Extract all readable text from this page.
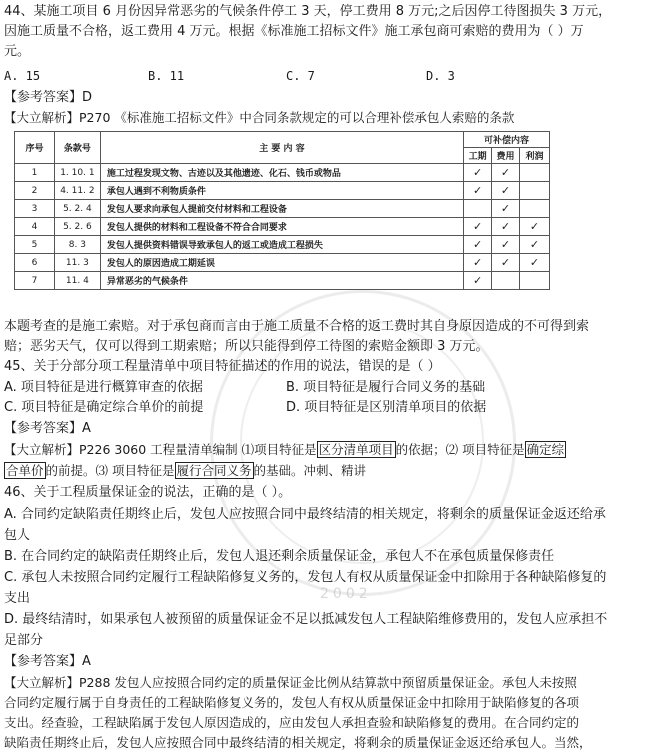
2002
44、某施工项目 6 月份因异常恶劣的气候条件停工 3 天，停工费用 8 万元;之后因停工待图损失 3 万元，
因施工质量不合格，返工费用 4 万元。根据《标准施工招标文件》施工承包商可索赔的费用为（ ）万
元。
A. 15	B. 11	C. 7	D. 3
【参考答案】D
【大立解析】P270 《标准施工招标文件》中合同条款规定的可以合理补偿承包人索赔的条款
序号	条款号	主 要 内 容	可补偿内容		
			工期	费用	利润
1	1. 10. 1	施工过程发现文物、古迹以及其他遗迹、化石、钱币或物品	✓	✓	
2	4. 11. 2	承包人遇到不利物质条件	✓	✓	
3	5. 2. 4	发包人要求向承包人提前交付材料和工程设备		✓	
4	5. 2. 6	发包人提供的材料和工程设备不符合合同要求	✓	✓	✓
5	8. 3	发包人提供资料错误导致承包人的返工或造成工程损失	✓	✓	✓
6	11. 3	发包人的原因造成工期延误	✓	✓	✓
7	11. 4	异常恶劣的气候条件	✓		
本题考查的是施工索赔。对于承包商而言由于施工质量不合格的返工费时其自身原因造成的不可得到索
赔；恶劣天气，仅可以得到工期索赔；所以只能得到停工待图的索赔金额即 3 万元。
45、关于分部分项工程量清单中项目特征描述的作用的说法，错误的是（ ）
A. 项目特征是进行概算审查的依据	B. 项目特征是履行合同义务的基础
C. 项目特征是确定综合单价的前提	D. 项目特征是区别清单项目的依据
【参考答案】A
【大立解析】P226 3060 工程量清单编制 ⑴项目特征是 区分清单项目 的依据；⑵ 项目特征是 确定综
合单价 的前提。⑶ 项目特征是 履行合同义务 的基础。冲刺、精讲
46、关于工程质量保证金的说法，正确的是（ ）。
A. 合同约定缺陷责任期终止后，发包人应按照合同中最终结清的相关规定，将剩余的质量保证金返还给承
包人
B. 在合同约定的缺陷责任期终止后，发包人退还剩余质量保证金，承包人不在承包质量保修责任
C. 承包人未按照合同约定履行工程缺陷修复义务的，发包人有权从质量保证金中扣除用于各种缺陷修复的
支出
D. 最终结清时，如果承包人被预留的质量保证金不足以抵减发包人工程缺陷维修费用的，发包人应承担不
足部分
【参考答案】A
【大立解析】P288 发包人应按照合同约定的质量保证金比例从结算款中预留质量保证金。承包人未按照
合同约定履行属于自身责任的工程缺陷修复义务的，发包人有权从质量保证金中扣除用于缺陷修复的各项
支出。经查验，工程缺陷属于发包人原因造成的，应由发包人承担查验和缺陷修复的费用。在合同约定的
缺陷责任期终止后，发包人应按照合同中最终结清的相关规定，将剩余的质量保证金返还给承包人。当然，
